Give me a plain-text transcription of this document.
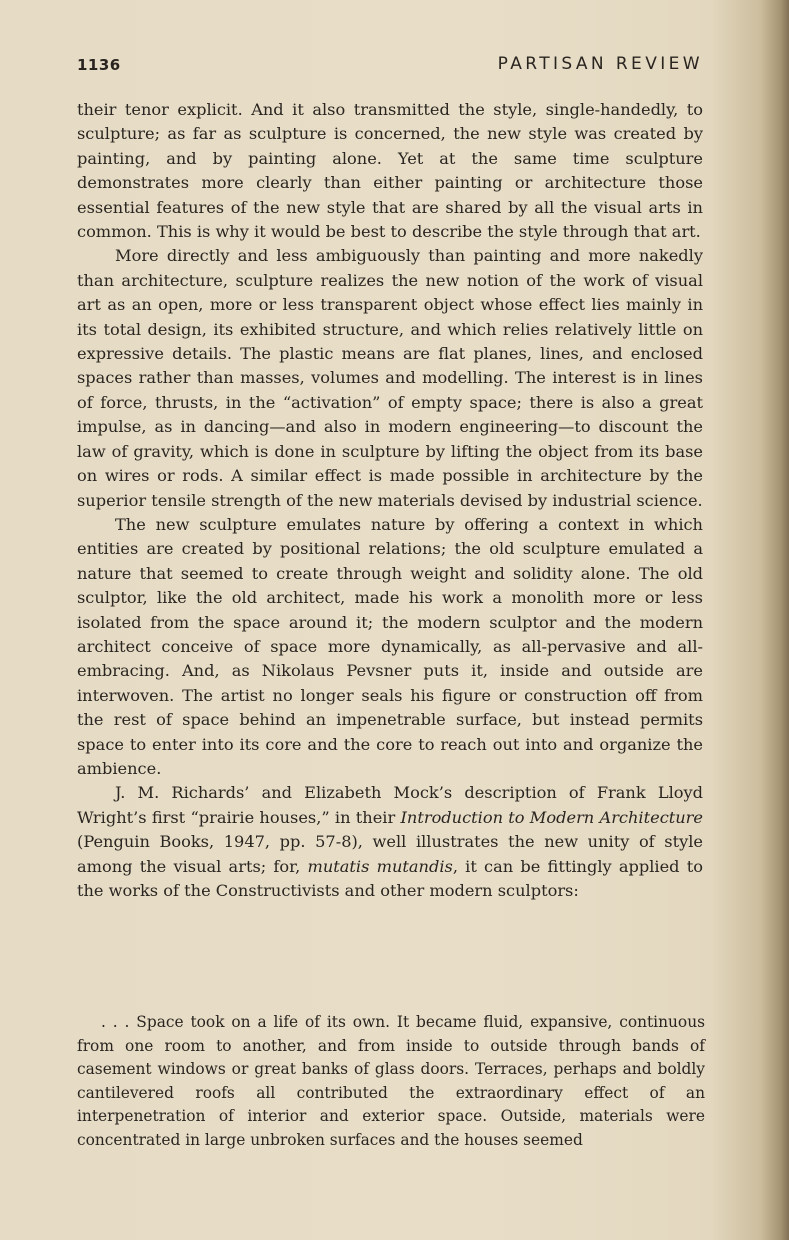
1136	PARTISAN REVIEW

their tenor explicit. And it also transmitted the style, single-handedly, to sculpture; as far as sculpture is concerned, the new style was created by painting, and by painting alone. Yet at the same time sculpture demonstrates more clearly than either painting or architecture those essential features of the new style that are shared by all the visual arts in common. This is why it would be best to describe the style through that art.

More directly and less ambiguously than painting and more nakedly than architecture, sculpture realizes the new notion of the work of visual art as an open, more or less transparent object whose effect lies mainly in its total design, its exhibited structure, and which relies relatively little on expressive details. The plastic means are flat planes, lines, and enclosed spaces rather than masses, volumes and modelling. The interest is in lines of force, thrusts, in the “activation” of empty space; there is also a great impulse, as in dancing—and also in modern engineering—to discount the law of gravity, which is done in sculpture by lifting the object from its base on wires or rods. A similar effect is made possible in architecture by the superior tensile strength of the new materials devised by industrial science.

The new sculpture emulates nature by offering a context in which entities are created by positional relations; the old sculpture emulated a nature that seemed to create through weight and solidity alone. The old sculptor, like the old architect, made his work a monolith more or less isolated from the space around it; the modern sculptor and the modern architect conceive of space more dynamically, as all-pervasive and all-embracing. And, as Nikolaus Pevsner puts it, inside and outside are interwoven. The artist no longer seals his figure or construction off from the rest of space behind an impenetrable surface, but instead permits space to enter into its core and the core to reach out into and organize the ambience.

J. M. Richards’ and Elizabeth Mock’s description of Frank Lloyd Wright’s first “prairie houses,” in their Introduction to Modern Architecture (Penguin Books, 1947, pp. 57-8), well illustrates the new unity of style among the visual arts; for, mutatis mutandis, it can be fittingly applied to the works of the Constructivists and other modern sculptors:

. . . Space took on a life of its own. It became fluid, expansive, continuous from one room to another, and from inside to outside through bands of casement windows or great banks of glass doors. Terraces, perhaps and boldly cantilevered roofs all contributed the extraordinary effect of an interpenetration of interior and exterior space. Outside, materials were concentrated in large unbroken surfaces and the houses seemed
